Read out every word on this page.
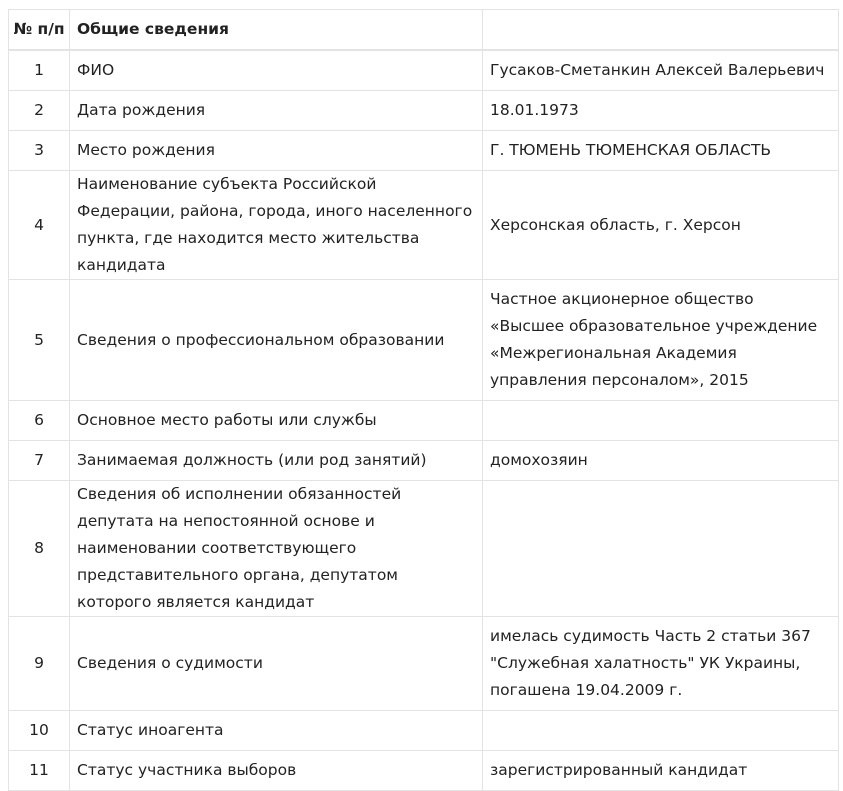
№ п/п	Общие сведения	
1	ФИО	Гусаков-Сметанкин Алексей Валерьевич
2	Дата рождения	18.01.1973
3	Место рождения	Г. ТЮМЕНЬ ТЮМЕНСКАЯ ОБЛАСТЬ
4	Наименование субъекта Российской Федерации, района, города, иного населенного пункта, где находится место жительства кандидата	Херсонская область, г. Херсон
5	Сведения о профессиональном образовании	Частное акционерное общество «Высшее образовательное учреждение «Межрегиональная Академия управления персоналом», 2015
6	Основное место работы или службы	
7	Занимаемая должность (или род занятий)	домохозяин
8	Сведения об исполнении обязанностей депутата на непостоянной основе и наименовании соответствующего представительного органа, депутатом которого является кандидат	
9	Сведения о судимости	имелась судимость Часть 2 статьи 367 "Служебная халатность" УК Украины, погашена 19.04.2009 г.
10	Статус иноагента	
11	Статус участника выборов	зарегистрированный кандидат
